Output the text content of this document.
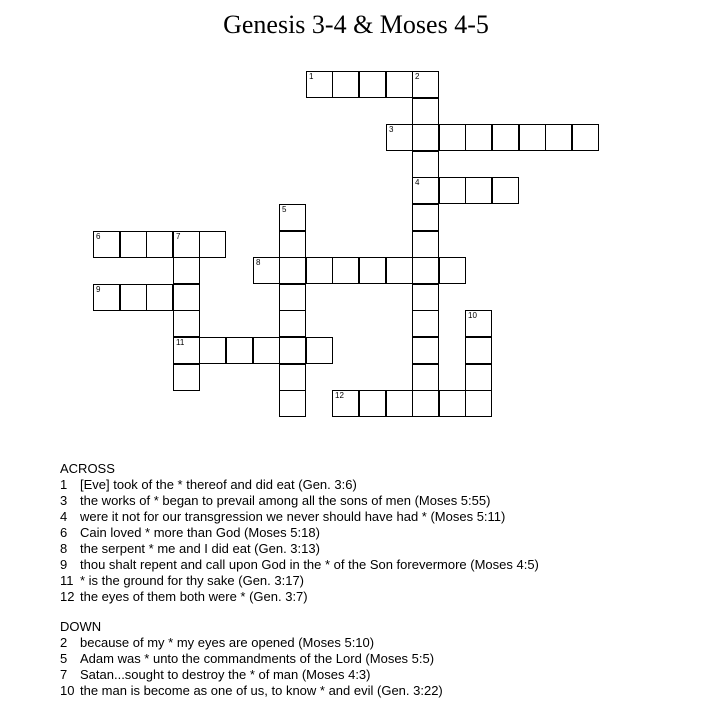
Genesis 3-4 & Moses 4-5
1	2
4
3
5
6	7
11
8
9
10
12
ACROSS
1 [Eve] took of the * thereof and did eat (Gen. 3:6)
3 the works of * began to prevail among all the sons of men (Moses 5:55)
4 were it not for our transgression we never should have had * (Moses 5:11)
6 Cain loved * more than God (Moses 5:18)
8 the serpent * me and I did eat (Gen. 3:13)
9 thou shalt repent and call upon God in the * of the Son forevermore (Moses 4:5)
11 * is the ground for thy sake (Gen. 3:17)
12 the eyes of them both were * (Gen. 3:7)
DOWN
2 because of my * my eyes are opened (Moses 5:10)
5 Adam was * unto the commandments of the Lord (Moses 5:5)
7 Satan...sought to destroy the * of man (Moses 4:3)
10 the man is become as one of us, to know * and evil (Gen. 3:22)
